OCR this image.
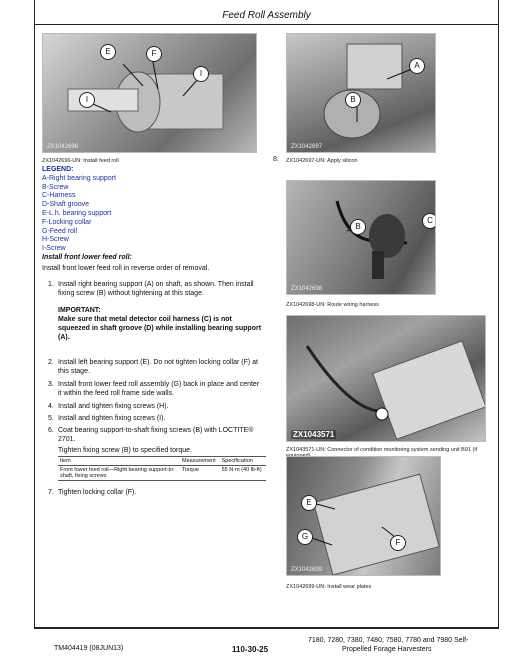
Feed Roll Assembly
E	F
I
I
ZX1042696
ZX1042696-UN: Install feed roll
A
B
ZX1042697
8. ZX1042697-UN: Apply silicon
B
C
ZX1042698
ZX1042698-UN: Route wiring harness
ZX1043571
ZX1043571-UN: Connector of condition monitoring system sending unit B91 (if
E
G
F
ZX1042699
ZX1042699-UN: Install wear plates
LEGEND:
A-Right bearing support
B-Screw
C-Harness
D-Shaft groove
E-L.h. bearing support
F-Locking collar
G-Feed roll
H-Screw
I-Screw
Install front lower feed roll:
Install front lower feed roll in reverse order of removal.
1. Install right bearing support (A) on shaft, as shown. Then install fixing screw (B) without tightening at this stage.
IMPORTANT:
Make sure that metal detector coil harness (C) is not squeezed in shaft groove (D) while installing bearing support (A).
2. Install left bearing support (E). Do not tighten locking collar (F) at this stage.
3. Install front lower feed roll assembly (G) back in place and center it within the feed roll frame side walls.
4. Install and tighten fixing screws (H).
5. Install and tighten fixing screws (I).
6. Coat bearing support-to-shaft fixing screws (B) with LOCTITE® 2701.
Tighten fixing screw (B) to specified torque.
Item	Measurement	Specification
Front lower feed roll—Right bearing support-to-shaft, fixing screws	Torque	55 N·m (40 lb-ft)
7. Tighten locking collar (F).
TM404419 (08JUN13)	110-30-25
7180, 7280, 7380, 7480, 7580, 7780 and 7980 Self-
Propelled Forage Harvesters
